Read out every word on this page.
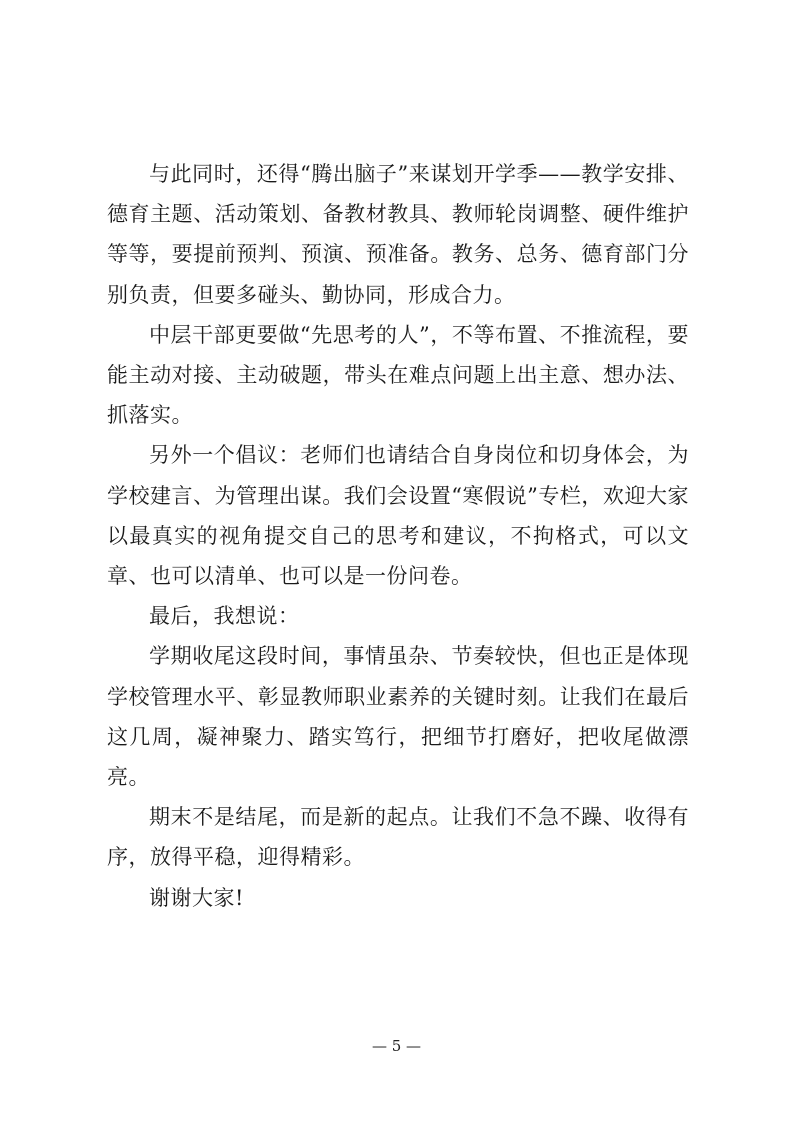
与此同时，还得“腾出脑子”来谋划开学季——教学安排、德育主题、活动策划、备教材教具、教师轮岗调整、硬件维护等等，要提前预判、预演、预准备。教务、总务、德育部门分别负责，但要多碰头、勤协同，形成合力。

中层干部更要做“先思考的人”，不等布置、不推流程，要能主动对接、主动破题，带头在难点问题上出主意、想办法、抓落实。

另外一个倡议：老师们也请结合自身岗位和切身体会，为学校建言、为管理出谋。我们会设置“寒假说”专栏，欢迎大家以最真实的视角提交自己的思考和建议，不拘格式，可以文章、也可以清单、也可以是一份问卷。

最后，我想说：

学期收尾这段时间，事情虽杂、节奏较快，但也正是体现学校管理水平、彰显教师职业素养的关键时刻。让我们在最后这几周，凝神聚力、踏实笃行，把细节打磨好，把收尾做漂亮。

期末不是结尾，而是新的起点。让我们不急不躁、收得有序，放得平稳，迎得精彩。

谢谢大家!

— 5 —
